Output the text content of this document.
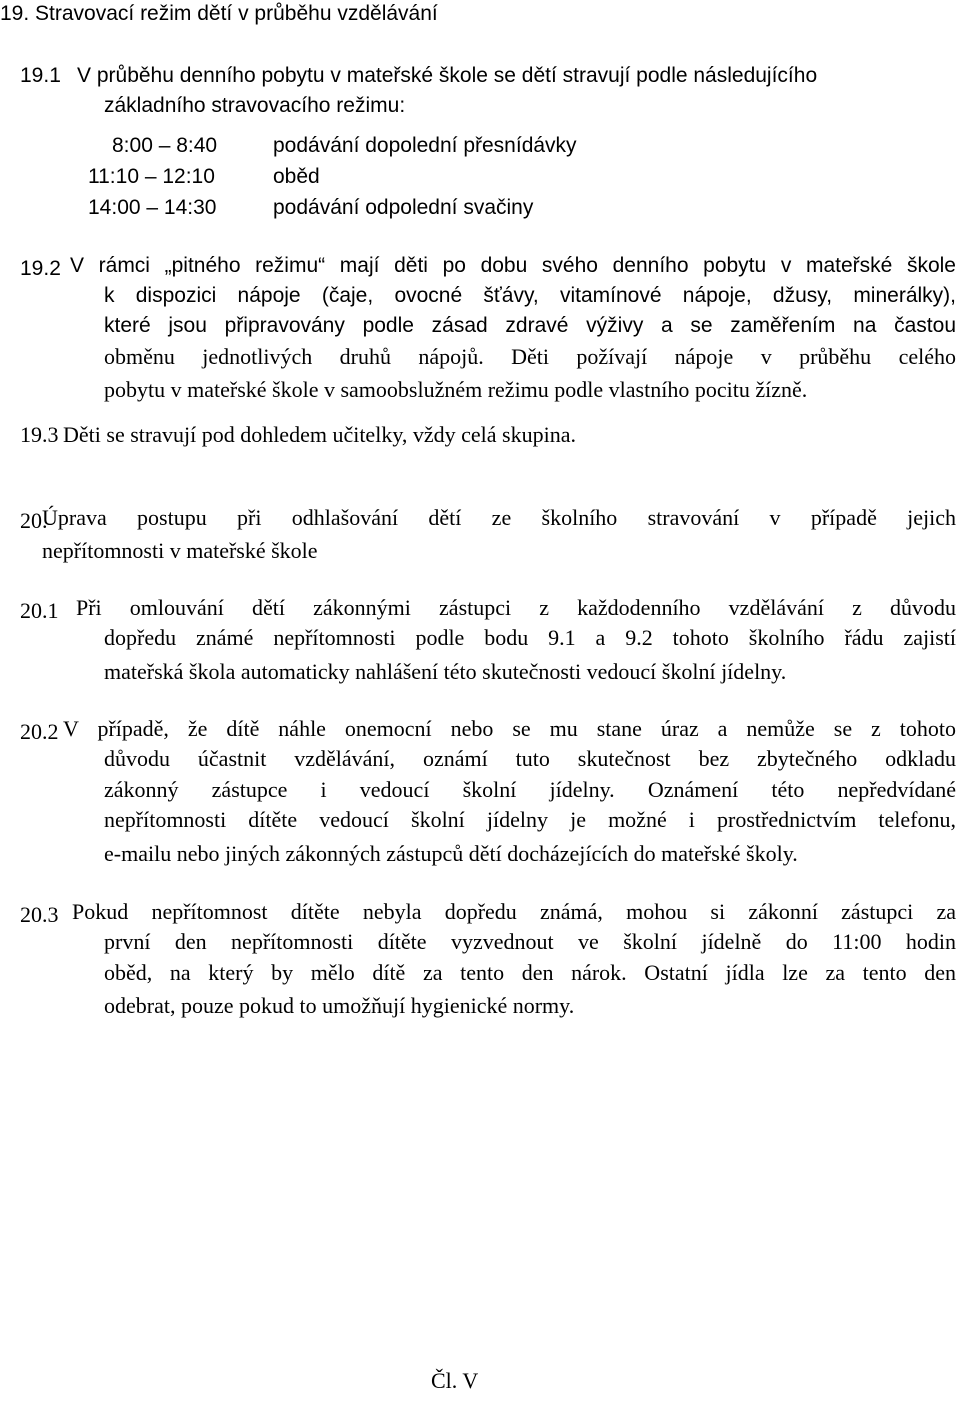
19. Stravovací režim dětí v průběhu vzdělávání
19.1 V průběhu denního pobytu v mateřské škole se dětí stravují podle následujícího
základního stravovacího režimu:
8:00 – 8:40	podávání dopolední přesnídávky
11:10 – 12:10	oběd
14:00 – 14:30	podávání odpolední svačiny
19.2 V rámci „pitného režimu“ mají děti po dobu svého denního pobytu v mateřské škole
k dispozici nápoje (čaje, ovocné šťávy, vitamínové nápoje, džusy, minerálky),
které jsou připravovány podle zásad zdravé výživy a se zaměřením na častou
obměnu jednotlivých druhů nápojů. Děti požívají nápoje v průběhu celého
pobytu v mateřské škole v samoobslužném režimu podle vlastního pocitu žízně.
19.3 Děti se stravují pod dohledem učitelky, vždy celá skupina.
20.
Úprava postupu při odhlašování dětí ze školního stravování v případě jejich
nepřítomnosti v mateřské škole
20.1 Při omlouvání dětí zákonnými zástupci z každodenního vzdělávání z důvodu
dopředu známé nepřítomnosti podle bodu 9.1 a 9.2 tohoto školního řádu zajistí
mateřská škola automaticky nahlášení této skutečnosti vedoucí školní jídelny.
20.2 V případě, že dítě náhle onemocní nebo se mu stane úraz a nemůže se z tohoto
důvodu účastnit vzdělávání, oznámí tuto skutečnost bez zbytečného odkladu
zákonný zástupce i vedoucí školní jídelny. Oznámení této nepředvídané
nepřítomnosti dítěte vedoucí školní jídelny je možné i prostřednictvím telefonu,
e-mailu nebo jiných zákonných zástupců dětí docházejících do mateřské školy.
20.3 Pokud nepřítomnost dítěte nebyla dopředu známá, mohou si zákonní zástupci za
první den nepřítomnosti dítěte vyzvednout ve školní jídelně do 11:00 hodin
oběd, na který by mělo dítě za tento den nárok. Ostatní jídla lze za tento den
odebrat, pouze pokud to umožňují hygienické normy.
Čl. V
